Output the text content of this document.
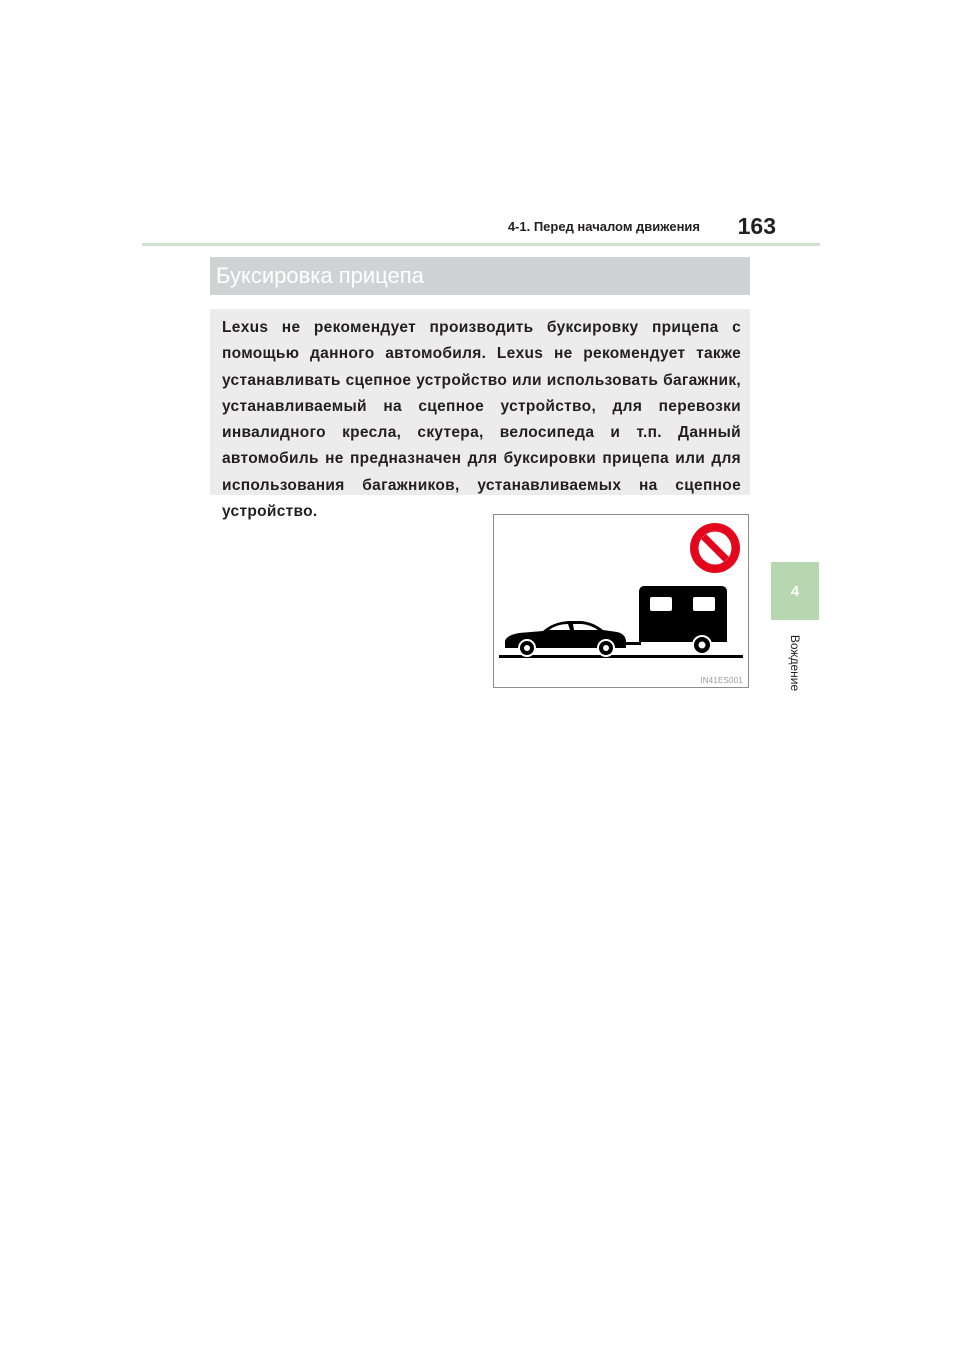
4-1. Перед началом движения	163
4
Вождение
Буксировка прицепа

Lexus не рекомендует производить буксировку прицепа с помощью данного автомобиля. Lexus не рекомендует также устанавливать сцепное устройство или использовать багажник, устанавливаемый на сцепное устройство, для перевозки инвалидного кресла, скутера, велосипеда и т.п. Данный автомобиль не предназначен для буксировки прицепа или для использования багажников, устанавливаемых на сцепное устройство.

IN41ES001
